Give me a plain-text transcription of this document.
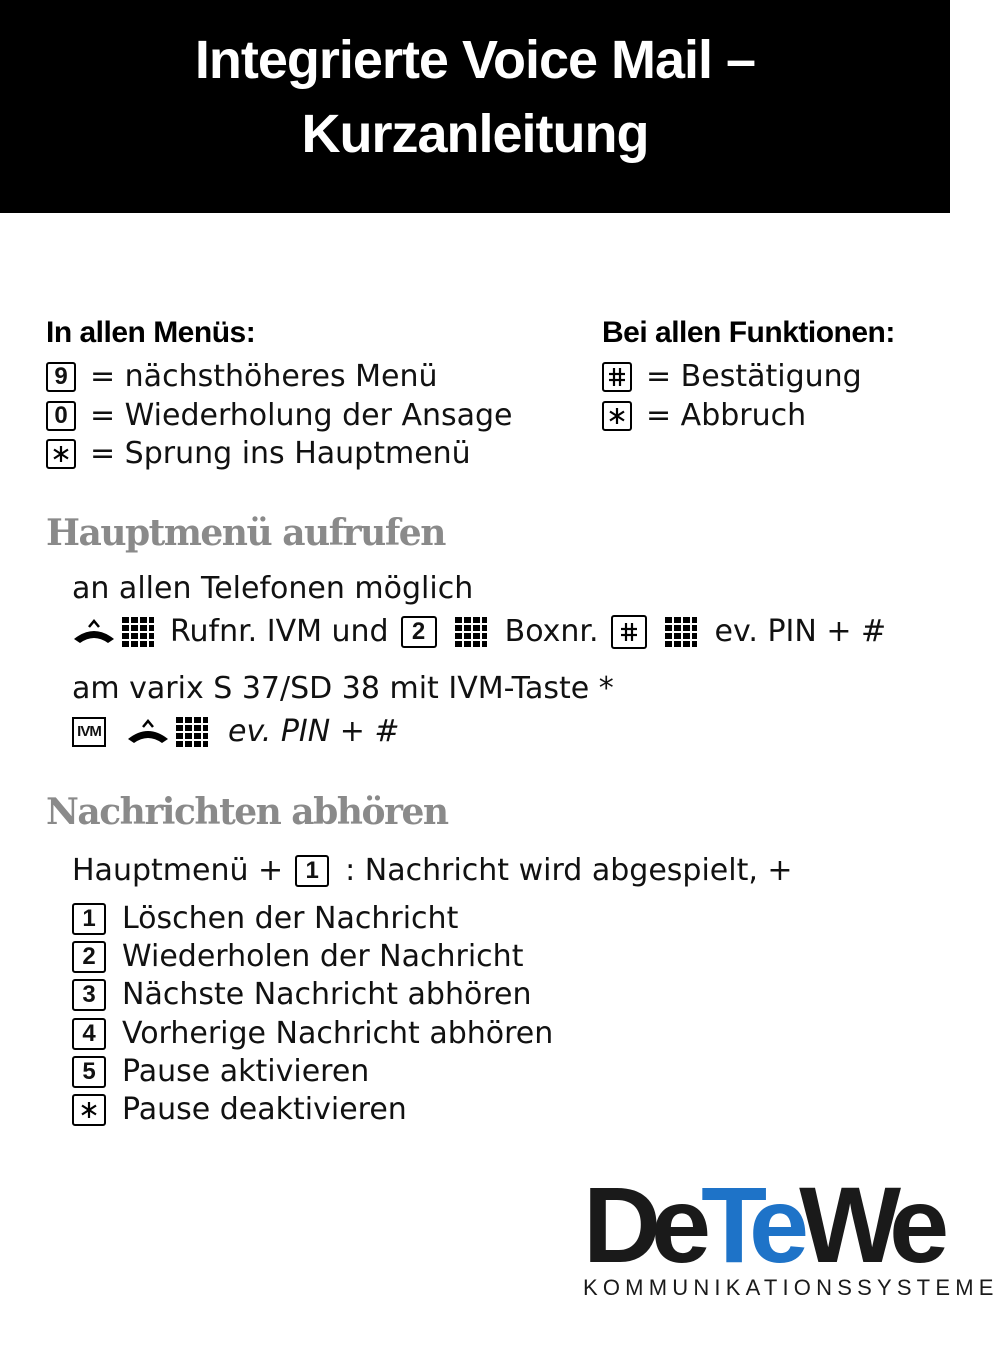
Integrierte Voice Mail –
Kurzanleitung
In allen Menüs:
9 = nächsthöheres Menü
0 = Wiederholung der Ansage
= Sprung ins Hauptmenü
Bei allen Funktionen:
= Bestätigung
= Abbruch
Hauptmenü aufrufen
an allen Telefonen möglich
Rufnr. IVM und 2	Boxnr.	ev. PIN + #
am varix S 37/SD 38 mit IVM-Taste *
IVM	ev. PIN + #
Nachrichten abhören
Hauptmenü + 1 : Nachricht wird abgespielt, +
1 Löschen der Nachricht
2 Wiederholen der Nachricht
3 Nächste Nachricht abhören
4 Vorherige Nachricht abhören
5 Pause aktivieren
Pause deaktivieren
DeTeWe
KOMMUNIKATIONSSYSTEME
